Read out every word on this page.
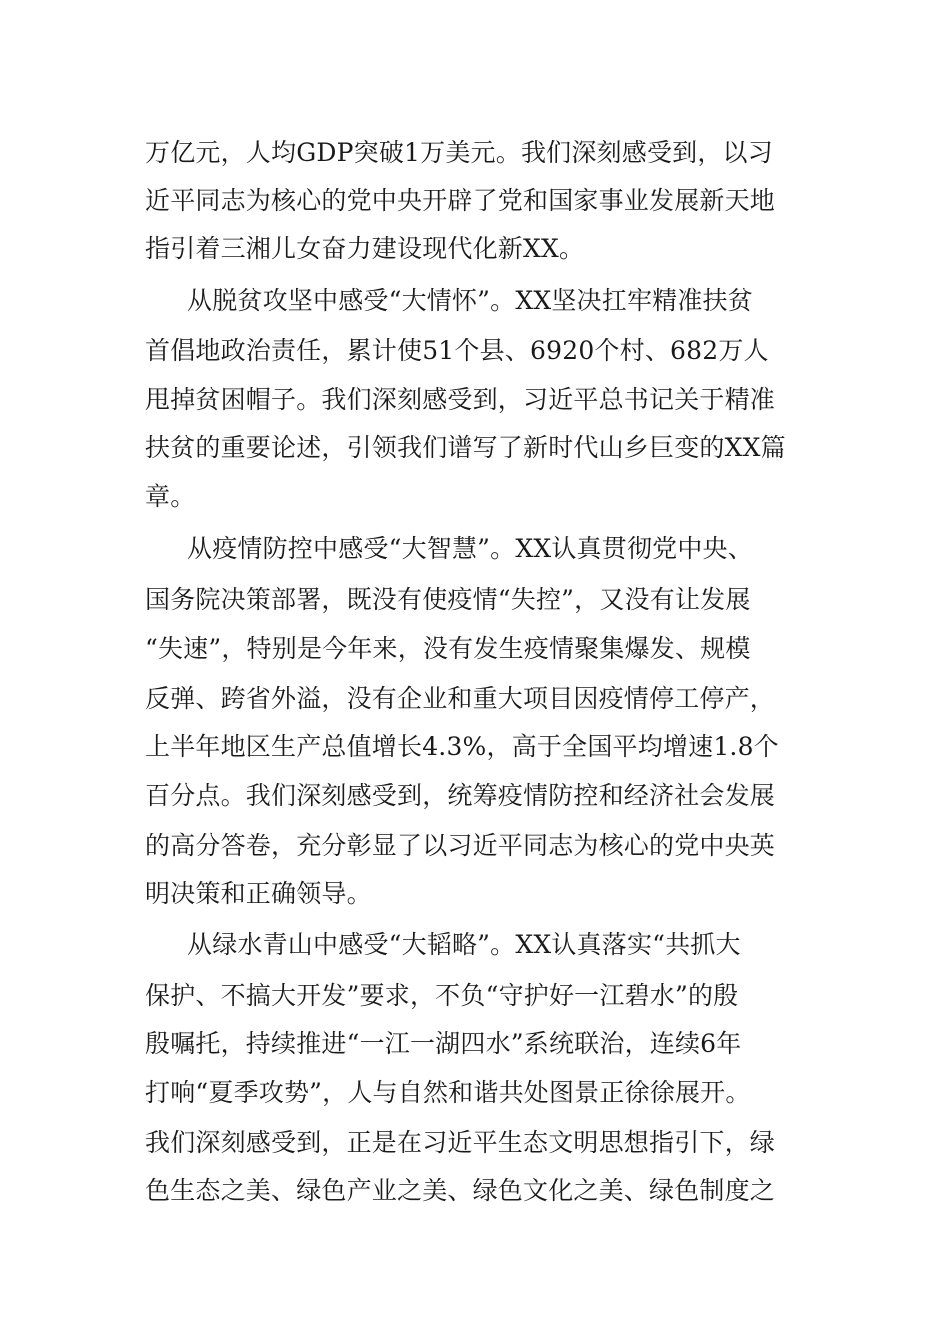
万亿元，人均GDP突破1万美元。我们深刻感受到，以习
近平同志为核心的党中央开辟了党和国家事业发展新天地
指引着三湘儿女奋力建设现代化新XX。
从脱贫攻坚中感受“大情怀”。XX坚决扛牢精准扶贫
首倡地政治责任，累计使51个县、6920个村、682万人
甩掉贫困帽子。我们深刻感受到，习近平总书记关于精准
扶贫的重要论述，引领我们谱写了新时代山乡巨变的XX篇
章。
从疫情防控中感受“大智慧”。XX认真贯彻党中央、
国务院决策部署，既没有使疫情“失控”，又没有让发展
“失速”，特别是今年来，没有发生疫情聚集爆发、规模
反弹、跨省外溢，没有企业和重大项目因疫情停工停产，
上半年地区生产总值增长4.3%，高于全国平均增速1.8个
百分点。我们深刻感受到，统筹疫情防控和经济社会发展
的高分答卷，充分彰显了以习近平同志为核心的党中央英
明决策和正确领导。
从绿水青山中感受“大韬略”。XX认真落实“共抓大
保护、不搞大开发”要求，不负“守护好一江碧水”的殷
殷嘱托，持续推进“一江一湖四水”系统联治，连续6年
打响“夏季攻势”，人与自然和谐共处图景正徐徐展开。
我们深刻感受到，正是在习近平生态文明思想指引下，绿
色生态之美、绿色产业之美、绿色文化之美、绿色制度之
